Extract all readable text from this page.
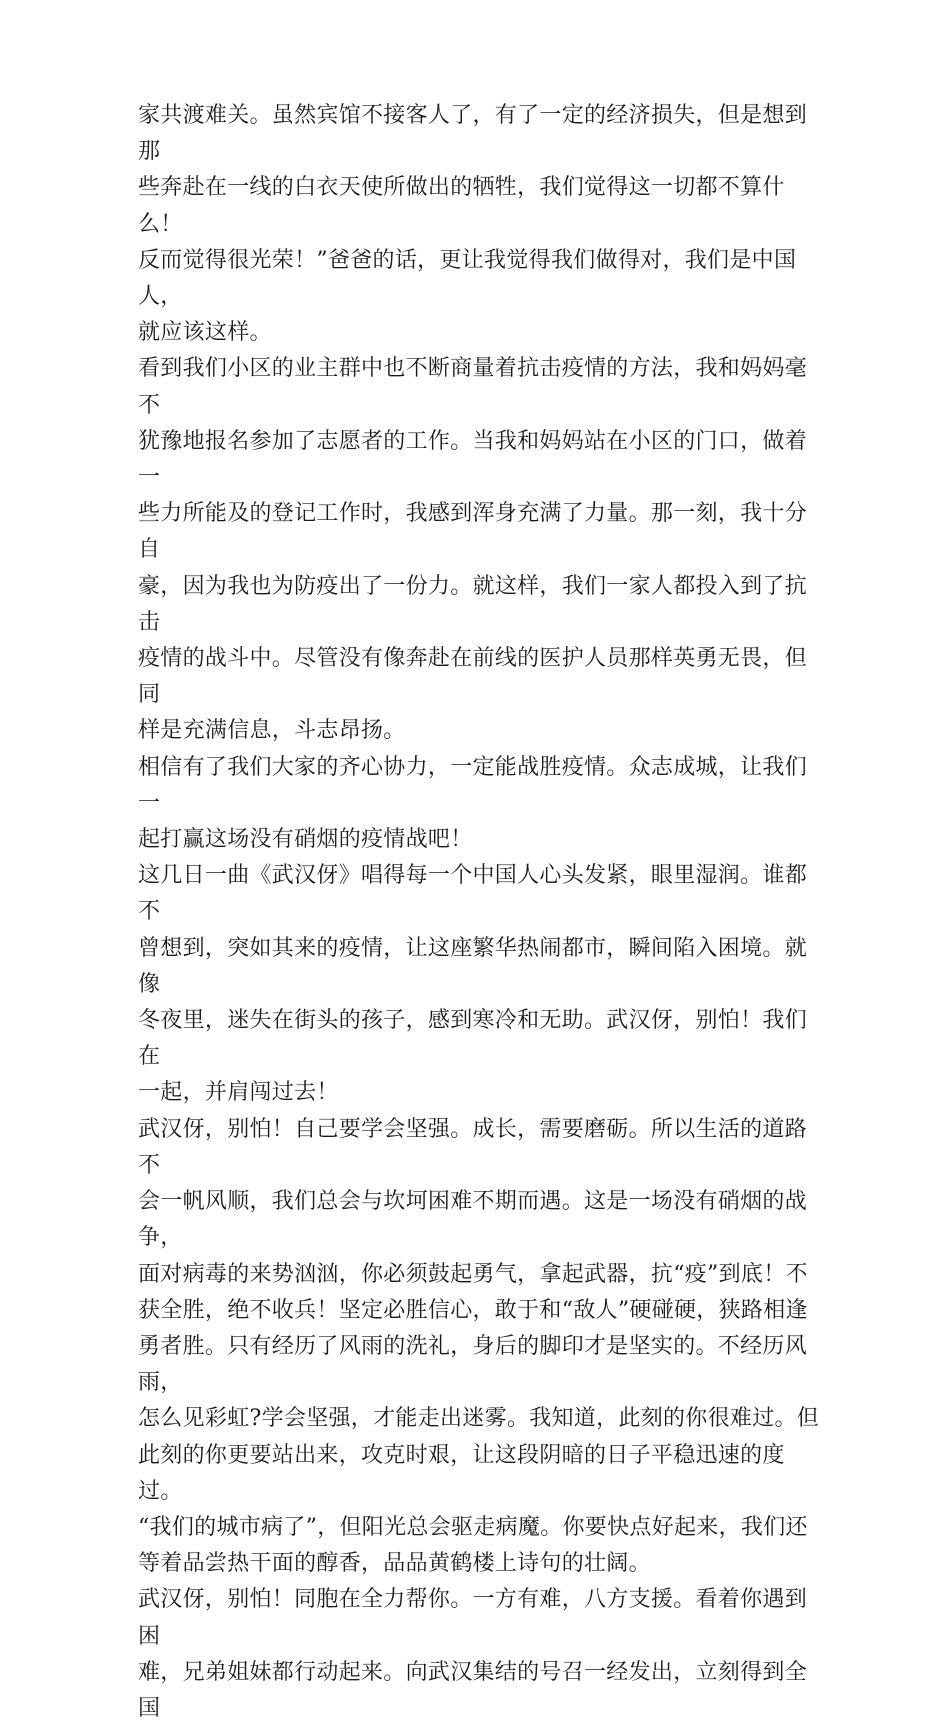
家共渡难关。虽然宾馆不接客人了，有了一定的经济损失，但是想到那
些奔赴在一线的白衣天使所做出的牺牲，我们觉得这一切都不算什么！
反而觉得很光荣！”爸爸的话，更让我觉得我们做得对，我们是中国人，
就应该这样。

看到我们小区的业主群中也不断商量着抗击疫情的方法，我和妈妈毫不
犹豫地报名参加了志愿者的工作。当我和妈妈站在小区的门口，做着一
些力所能及的登记工作时，我感到浑身充满了力量。那一刻，我十分自
豪，因为我也为防疫出了一份力。就这样，我们一家人都投入到了抗击
疫情的战斗中。尽管没有像奔赴在前线的医护人员那样英勇无畏，但同
样是充满信息，斗志昂扬。

相信有了我们大家的齐心协力，一定能战胜疫情。众志成城，让我们一
起打赢这场没有硝烟的疫情战吧！

这几日一曲《武汉伢》唱得每一个中国人心头发紧，眼里湿润。谁都不
曾想到，突如其来的疫情，让这座繁华热闹都市，瞬间陷入困境。就像
冬夜里，迷失在街头的孩子，感到寒冷和无助。武汉伢，别怕！我们在
一起，并肩闯过去！

武汉伢，别怕！自己要学会坚强。成长，需要磨砺。所以生活的道路不
会一帆风顺，我们总会与坎坷困难不期而遇。这是一场没有硝烟的战争，
面对病毒的来势汹汹，你必须鼓起勇气，拿起武器，抗“疫”到底！不
获全胜，绝不收兵！坚定必胜信心，敢于和“敌人”硬碰硬，狭路相逢
勇者胜。只有经历了风雨的洗礼，身后的脚印才是坚实的。不经历风雨，
怎么见彩虹?学会坚强，才能走出迷雾。我知道，此刻的你很难过。但
此刻的你更要站出来，攻克时艰，让这段阴暗的日子平稳迅速的度过。
“我们的城市病了”，但阳光总会驱走病魔。你要快点好起来，我们还
等着品尝热干面的醇香，品品黄鹤楼上诗句的壮阔。

武汉伢，别怕！同胞在全力帮你。一方有难，八方支援。看着你遇到困
难，兄弟姐妹都行动起来。向武汉集结的号召一经发出，立刻得到全国
